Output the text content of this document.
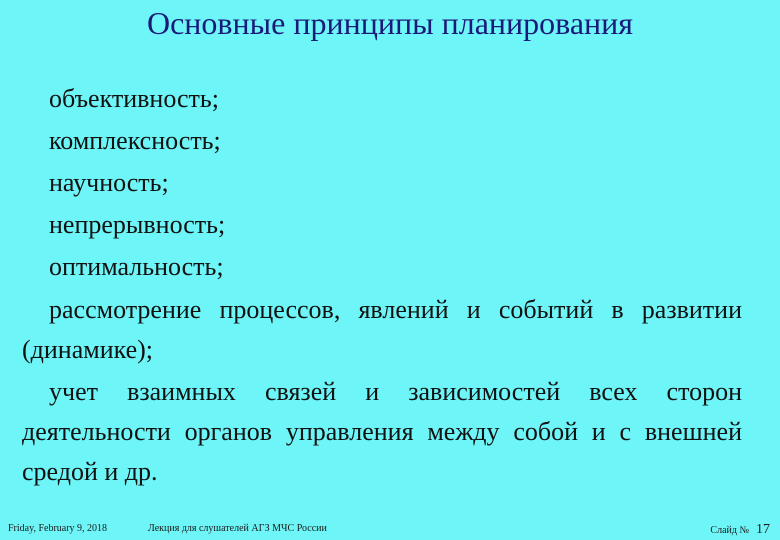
Основные принципы планирования
объективность;
комплексность;
научность;
непрерывность;
оптимальность;
рассмотрение процессов, явлений и событий в развитии (динамике);
учет взаимных связей и зависимостей всех сторон деятельности органов управления между собой и с внешней средой и др.
Friday, February 9, 2018	Лекция для слушателей АГЗ МЧС России	Слайд № 17
